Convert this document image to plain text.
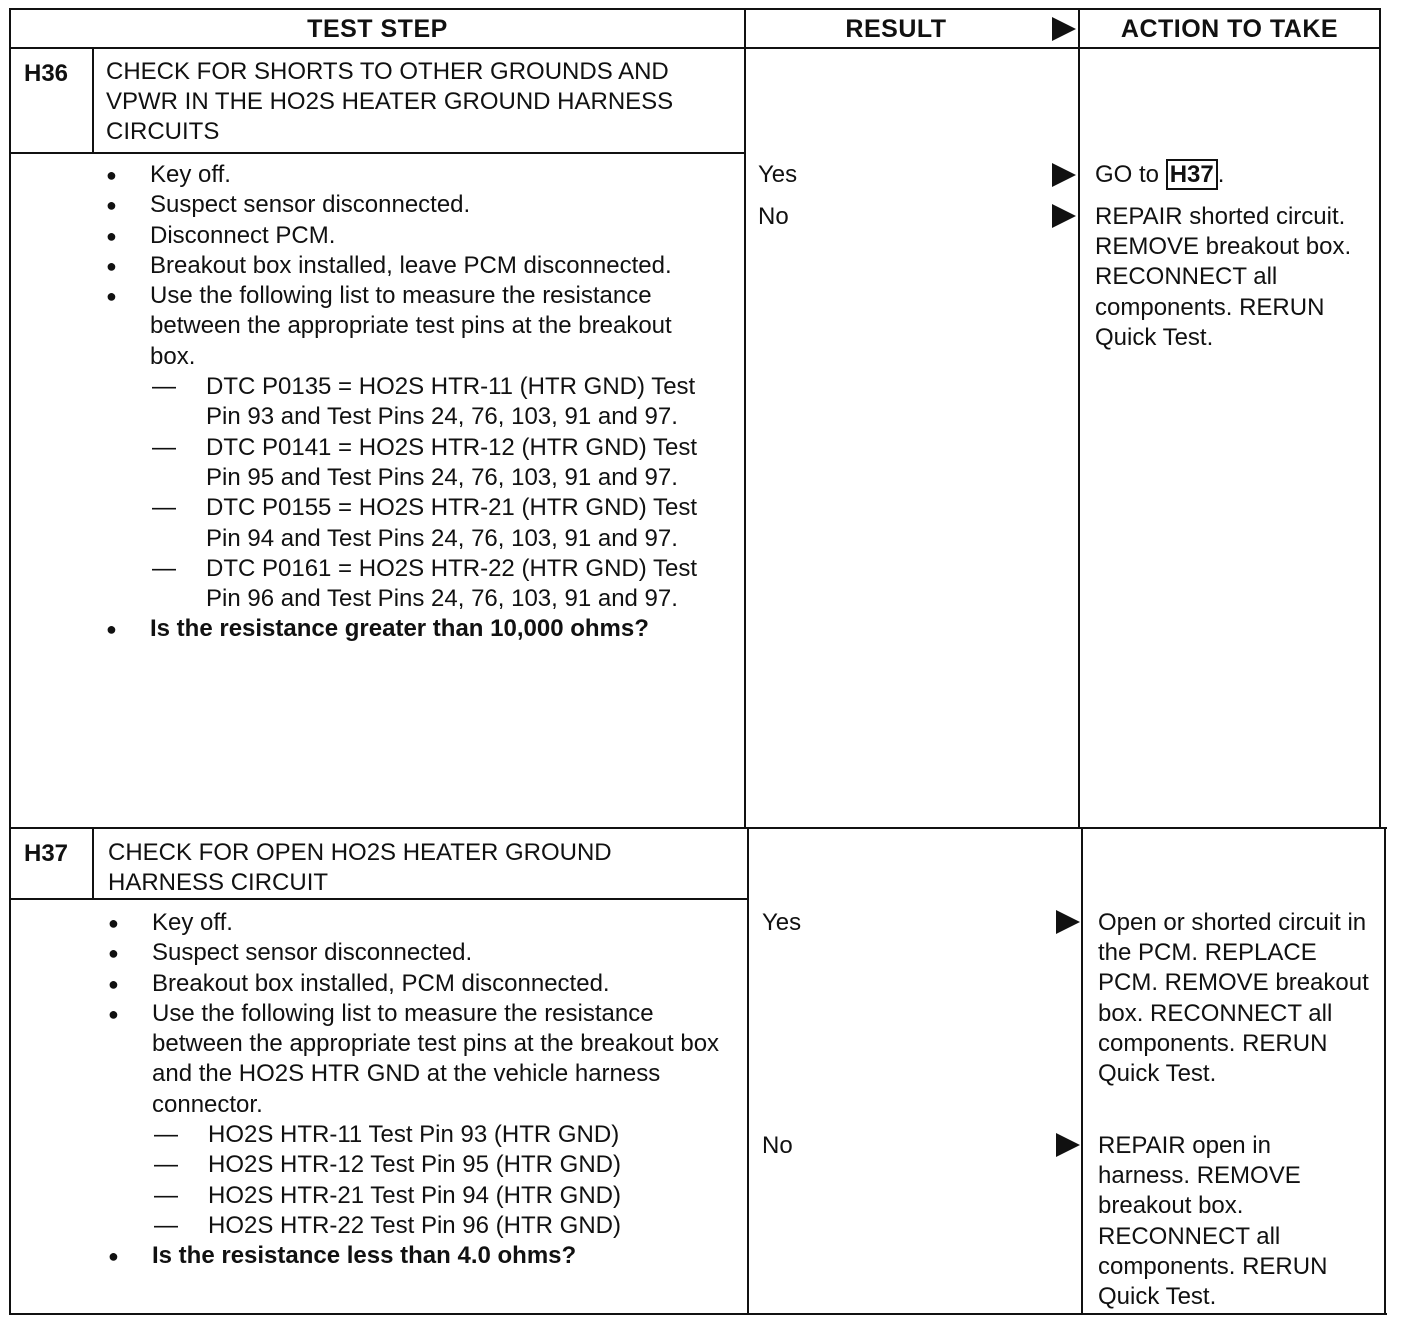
TEST STEP	RESULT	ACTION TO TAKE
H36 CHECK FOR SHORTS TO OTHER GROUNDS AND VPWR IN THE HO2S HEATER GROUND HARNESS CIRCUITS
● Key off.
● Suspect sensor disconnected.
● Disconnect PCM.
● Breakout box installed, leave PCM disconnected.
● Use the following list to measure the resistance between the appropriate test pins at the breakout box.
— DTC P0135 = HO2S HTR-11 (HTR GND) Test Pin 93 and Test Pins 24, 76, 103, 91 and 97.
— DTC P0141 = HO2S HTR-12 (HTR GND) Test Pin 95 and Test Pins 24, 76, 103, 91 and 97.
— DTC P0155 = HO2S HTR-21 (HTR GND) Test Pin 94 and Test Pins 24, 76, 103, 91 and 97.
— DTC P0161 = HO2S HTR-22 (HTR GND) Test Pin 96 and Test Pins 24, 76, 103, 91 and 97.
● Is the resistance greater than 10,000 ohms?
Yes	GO to H37 .
No	REPAIR shorted circuit. REMOVE breakout box. RECONNECT all components. RERUN Quick Test.
H37 CHECK FOR OPEN HO2S HEATER GROUND HARNESS CIRCUIT
● Key off.
● Suspect sensor disconnected.
● Breakout box installed, PCM disconnected.
● Use the following list to measure the resistance between the appropriate test pins at the breakout box and the HO2S HTR GND at the vehicle harness connector.
— HO2S HTR-11 Test Pin 93 (HTR GND)
— HO2S HTR-12 Test Pin 95 (HTR GND)
— HO2S HTR-21 Test Pin 94 (HTR GND)
— HO2S HTR-22 Test Pin 96 (HTR GND)
● Is the resistance less than 4.0 ohms?
Yes	Open or shorted circuit in the PCM. REPLACE PCM. REMOVE breakout box. RECONNECT all components. RERUN Quick Test.
No	REPAIR open in harness. REMOVE breakout box. RECONNECT all components. RERUN Quick Test.
